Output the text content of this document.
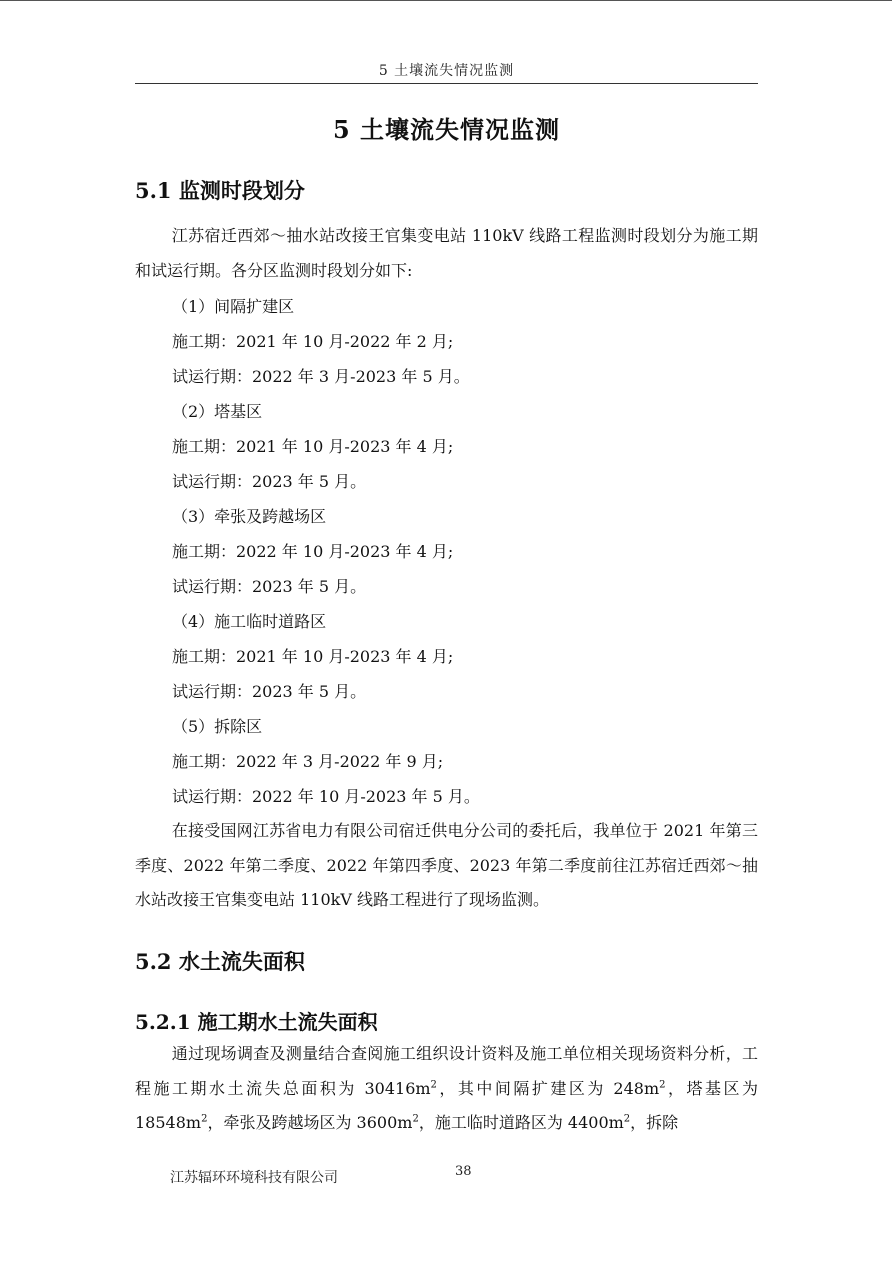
5 土壤流失情况监测
5 土壤流失情况监测
5.1 监测时段划分

江苏宿迁西郊～抽水站改接王官集变电站 110kV 线路工程监测时段划分为施工期和试运行期。各分区监测时段划分如下:

（1）间隔扩建区
施工期：2021 年 10 月-2022 年 2 月;
试运行期：2022 年 3 月-2023 年 5 月。
（2）塔基区
施工期：2021 年 10 月-2023 年 4 月;
试运行期：2023 年 5 月。
（3）牵张及跨越场区
施工期：2022 年 10 月-2023 年 4 月;
试运行期：2023 年 5 月。
（4）施工临时道路区
施工期：2021 年 10 月-2023 年 4 月;
试运行期：2023 年 5 月。
（5）拆除区
施工期：2022 年 3 月-2022 年 9 月;
试运行期：2022 年 10 月-2023 年 5 月。

在接受国网江苏省电力有限公司宿迁供电分公司的委托后，我单位于 2021 年第三季度、2022 年第二季度、2022 年第四季度、2023 年第二季度前往江苏宿迁西郊～抽水站改接王官集变电站 110kV 线路工程进行了现场监测。

5.2 水土流失面积
5.2.1 施工期水土流失面积

通过现场调查及测量结合查阅施工组织设计资料及施工单位相关现场资料分析，工程施工期水土流失总面积为 $30416m^2$，其中间隔扩建区为 $248m^2$，塔基区为 $18548m^2$，牵张及跨越场区为 $3600m^2$，施工临时道路区为 $4400m^2$，拆除

江苏辐环环境科技有限公司	38
